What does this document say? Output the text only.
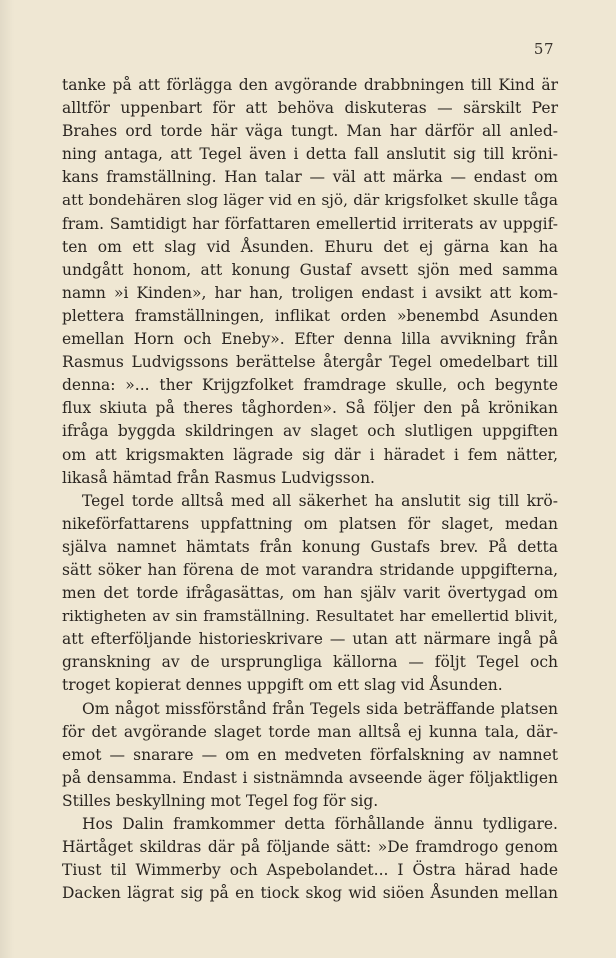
57
tanke på att förlägga den avgörande drabbningen till Kind är
alltför uppenbart för att behöva diskuteras — särskilt Per
Brahes ord torde här väga tungt. Man har därför all anled-
ning antaga, att Tegel även i detta fall anslutit sig till kröni-
kans framställning. Han talar — väl att märka — endast om
att bondehären slog läger vid en sjö, där krigsfolket skulle tåga
fram. Samtidigt har författaren emellertid irriterats av uppgif-
ten om ett slag vid Åsunden. Ehuru det ej gärna kan ha
undgått honom, att konung Gustaf avsett sjön med samma
namn »i Kinden», har han, troligen endast i avsikt att kom-
plettera framställningen, inflikat orden »benembd Asunden
emellan Horn och Eneby». Efter denna lilla avvikning från
Rasmus Ludvigssons berättelse återgår Tegel omedelbart till
denna: »... ther Krijgzfolket framdrage skulle, och begynte
flux skiuta på theres tåghorden». Så följer den på krönikan
ifråga byggda skildringen av slaget och slutligen uppgiften
om att krigsmakten lägrade sig där i häradet i fem nätter,
likaså hämtad från Rasmus Ludvigsson.
Tegel torde alltså med all säkerhet ha anslutit sig till krö-
nikeförfattarens uppfattning om platsen för slaget, medan
själva namnet hämtats från konung Gustafs brev. På detta
sätt söker han förena de mot varandra stridande uppgifterna,
men det torde ifrågasättas, om han själv varit övertygad om
riktigheten av sin framställning. Resultatet har emellertid blivit,
att efterföljande historieskrivare — utan att närmare ingå på
granskning av de ursprungliga källorna — följt Tegel och
troget kopierat dennes uppgift om ett slag vid Åsunden.
Om något missförstånd från Tegels sida beträffande platsen
för det avgörande slaget torde man alltså ej kunna tala, där-
emot — snarare — om en medveten förfalskning av namnet
på densamma. Endast i sistnämnda avseende äger följaktligen
Stilles beskyllning mot Tegel fog för sig.
Hos Dalin framkommer detta förhållande ännu tydligare.
Härtåget skildras där på följande sätt: »De framdrogo genom
Tiust til Wimmerby och Aspebolandet... I Östra härad hade
Dacken lägrat sig på en tiock skog wid siöen Åsunden mellan
